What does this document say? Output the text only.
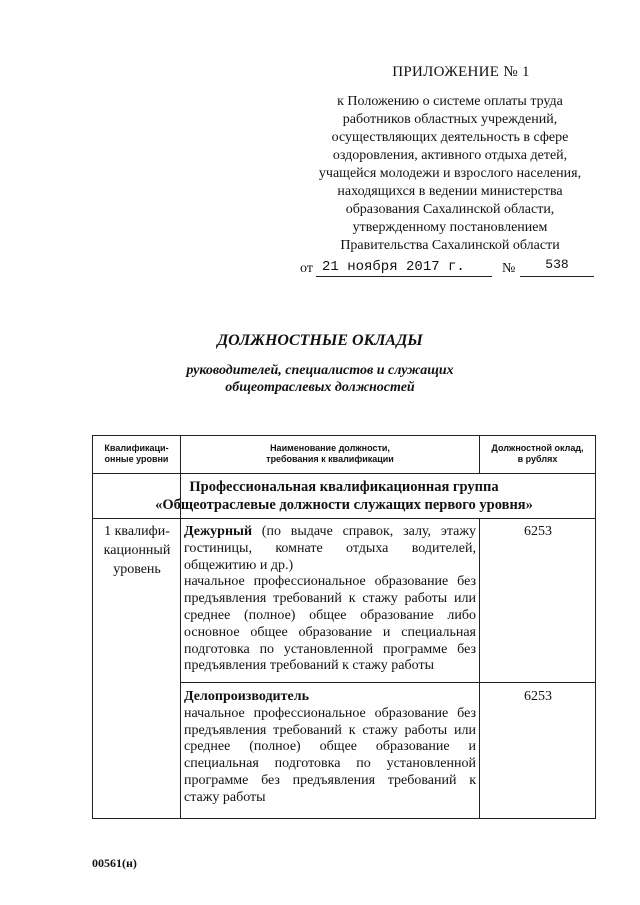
ПРИЛОЖЕНИЕ № 1
к Положению о системе оплаты труда
работников областных учреждений,
осуществляющих деятельность в сфере
оздоровления, активного отдыха детей,
учащейся молодежи и взрослого населения,
находящихся в ведении министерства
образования Сахалинской области,
утвержденному постановлением
Правительства Сахалинской области
от 21 ноября 2017 г.	№	538
ДОЛЖНОСТНЫЕ ОКЛАДЫ
руководителей, специалистов и служащих
общеотраслевых должностей
Квалификаци-
онные уровни
Наименование должности,
требования к квалификации
Должностной оклад,
в рублях
Профессиональная квалификационная группа
«Общеотраслевые должности служащих первого уровня»
1 квалифи-
кационный
уровень
Дежурный (по выдаче справок, залу, этажу гостиницы, комнате отдыха водителей, общежитию и др.)
начальное профессиональное образование без предъявления требований к стажу работы или среднее (полное) общее образование либо основное общее образование и специальная подготовка по установленной программе без предъявления требований к стажу работы
6253
Делопроизводитель
начальное профессиональное образование без предъявления требований к стажу работы или среднее (полное) общее образование и специальная подготовка по установленной программе без предъявления требований к стажу работы
6253
00561(н)
